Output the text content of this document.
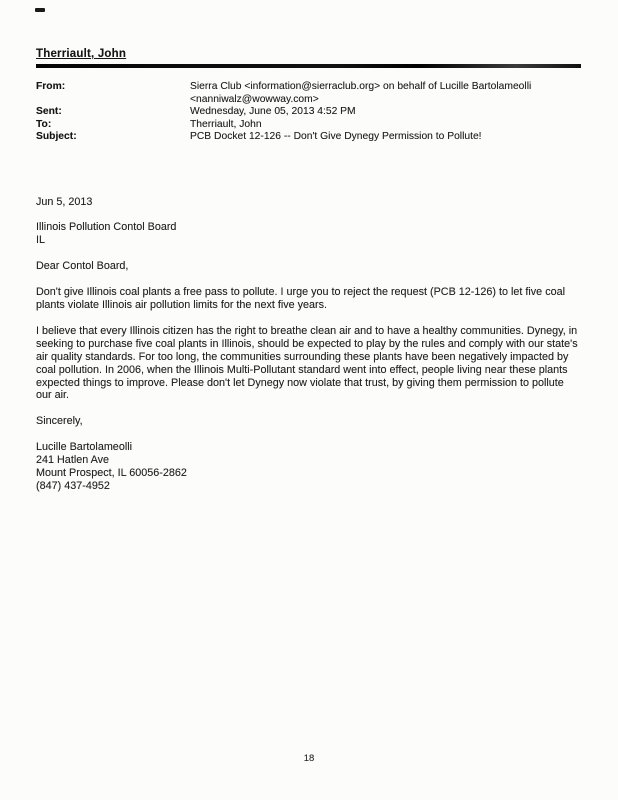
Therriault, John
From:	Sierra Club <information@sierraclub.org> on behalf of Lucille Bartolameolli
<nanniwalz@wowway.com>
Sent:	Wednesday, June 05, 2013 4:52 PM
To:	Therriault, John
Subject:	PCB Docket 12-126 -- Don't Give Dynegy Permission to Pollute!
Jun 5, 2013
Illinois Pollution Contol Board
IL
Dear Contol Board,
Don't give Illinois coal plants a free pass to pollute. I urge you to reject the request (PCB 12-126) to let five coal plants violate Illinois air pollution limits for the next five years.
I believe that every Illinois citizen has the right to breathe clean air and to have a healthy communities. Dynegy, in seeking to purchase five coal plants in Illinois, should be expected to play by the rules and comply with our state's air quality standards. For too long, the communities surrounding these plants have been negatively impacted by coal pollution. In 2006, when the Illinois Multi-Pollutant standard went into effect, people living near these plants expected things to improve. Please don't let Dynegy now violate that trust, by giving them permission to pollute our air.
Sincerely,
Lucille Bartolameolli
241 Hatlen Ave
Mount Prospect, IL 60056-2862
(847) 437-4952
18
